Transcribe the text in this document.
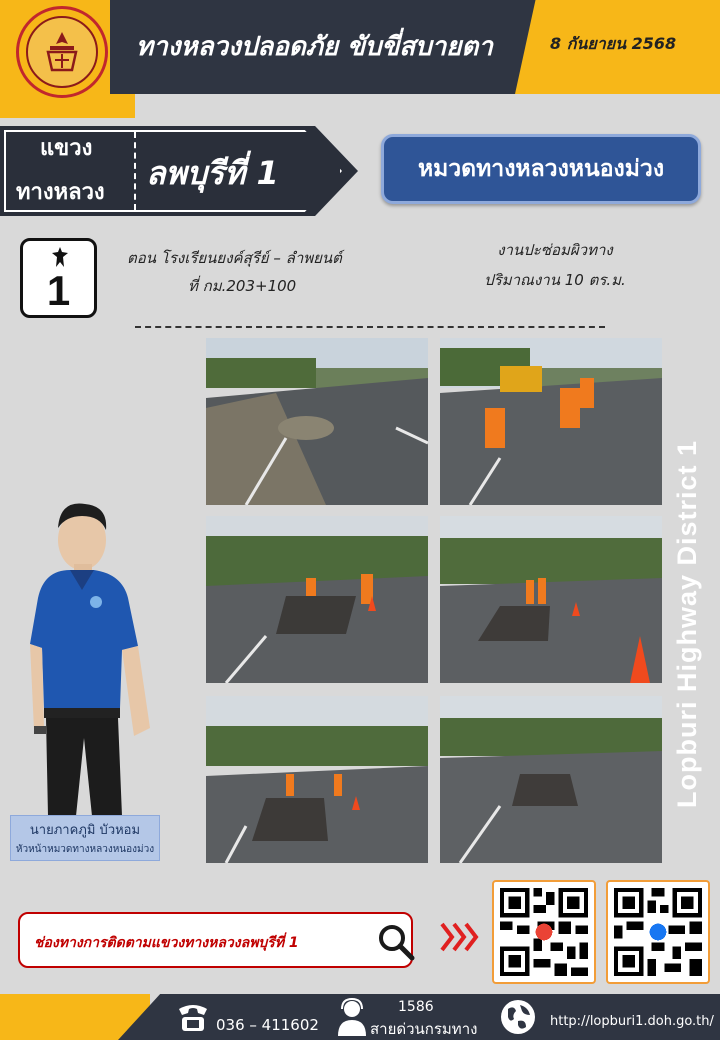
ทางหลวงปลอดภัย ขับขี่สบายตา	8 กันยายน 2568
แขวง
ทางหลวง
ลพบุรีที่ 1	หมวดทางหลวงหนองม่วง
1
ตอน โรงเรียนยงค์สุรีย์ – ลำพยนต์
ที่ กม.203+100
งานปะซ่อมผิวทาง
ปริมาณงาน 10 ตร.ม.
Lopburi Highway District 1
นายภาคภูมิ บัวหอม
หัวหน้าหมวดทางหลวงหนองม่วง
ช่องทางการติดตามแขวงทางหลวงลพบุรีที่ 1
036 – 411602
1586
สายด่วนกรมทาง	http://lopburi1.doh.go.th/
